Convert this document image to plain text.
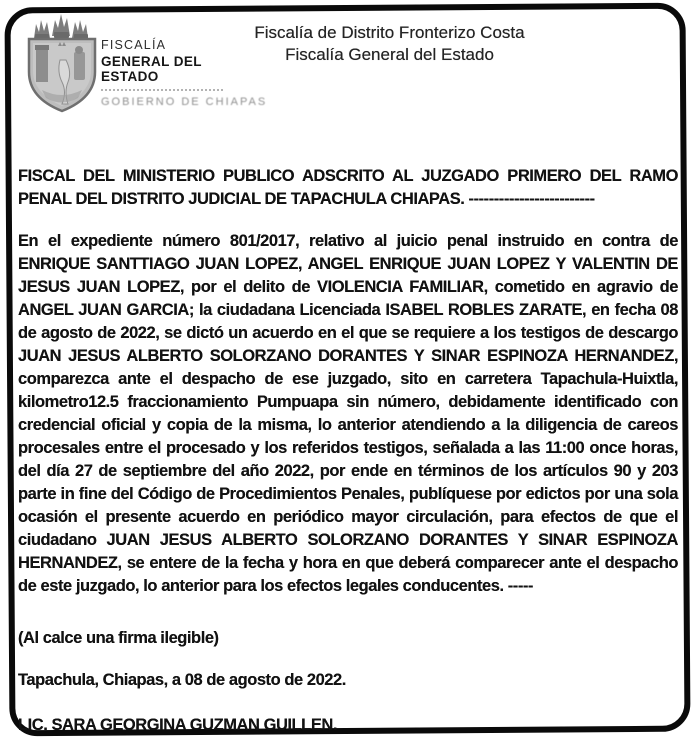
FISCALÍA
GENERAL DEL ESTADO
GOBIERNO DE CHIAPAS
Fiscalía de Distrito Fronterizo Costa
Fiscalía General del Estado

FISCAL DEL MINISTERIO PUBLICO ADSCRITO AL JUZGADO PRIMERO DEL RAMO PENAL DEL DISTRITO JUDICIAL DE TAPACHULA CHIAPAS. -------------------------

En el expediente número 801/2017, relativo al juicio penal instruido en contra de ENRIQUE SANTTIAGO JUAN LOPEZ, ANGEL ENRIQUE JUAN LOPEZ Y VALENTIN DE JESUS JUAN LOPEZ, por el delito de VIOLENCIA FAMILIAR, cometido en agravio de ANGEL JUAN GARCIA; la ciudadana Licenciada ISABEL ROBLES ZARATE, en fecha 08 de agosto de 2022, se dictó un acuerdo en el que se requiere a los testigos de descargo JUAN JESUS ALBERTO SOLORZANO DORANTES Y SINAR ESPINOZA HERNANDEZ, comparezca ante el despacho de ese juzgado, sito en carretera Tapachula-Huixtla, kilometro12.5 fraccionamiento Pumpuapa sin número, debidamente identificado con credencial oficial y copia de la misma, lo anterior atendiendo a la diligencia de careos procesales entre el procesado y los referidos testigos, señalada a las 11:00 once horas, del día 27 de septiembre del año 2022, por ende en términos de los artículos 90 y 203 parte in fine del Código de Procedimientos Penales, publíquese por edictos por una sola ocasión el presente acuerdo en periódico mayor circulación, para efectos de que el ciudadano JUAN JESUS ALBERTO SOLORZANO DORANTES Y SINAR ESPINOZA HERNANDEZ, se entere de la fecha y hora en que deberá comparecer ante el despacho de este juzgado, lo anterior para los efectos legales conducentes. -----

(Al calce una firma ilegible)

Tapachula, Chiapas, a 08 de agosto de 2022.

LIC. SARA GEORGINA GUZMAN GUILLEN.
